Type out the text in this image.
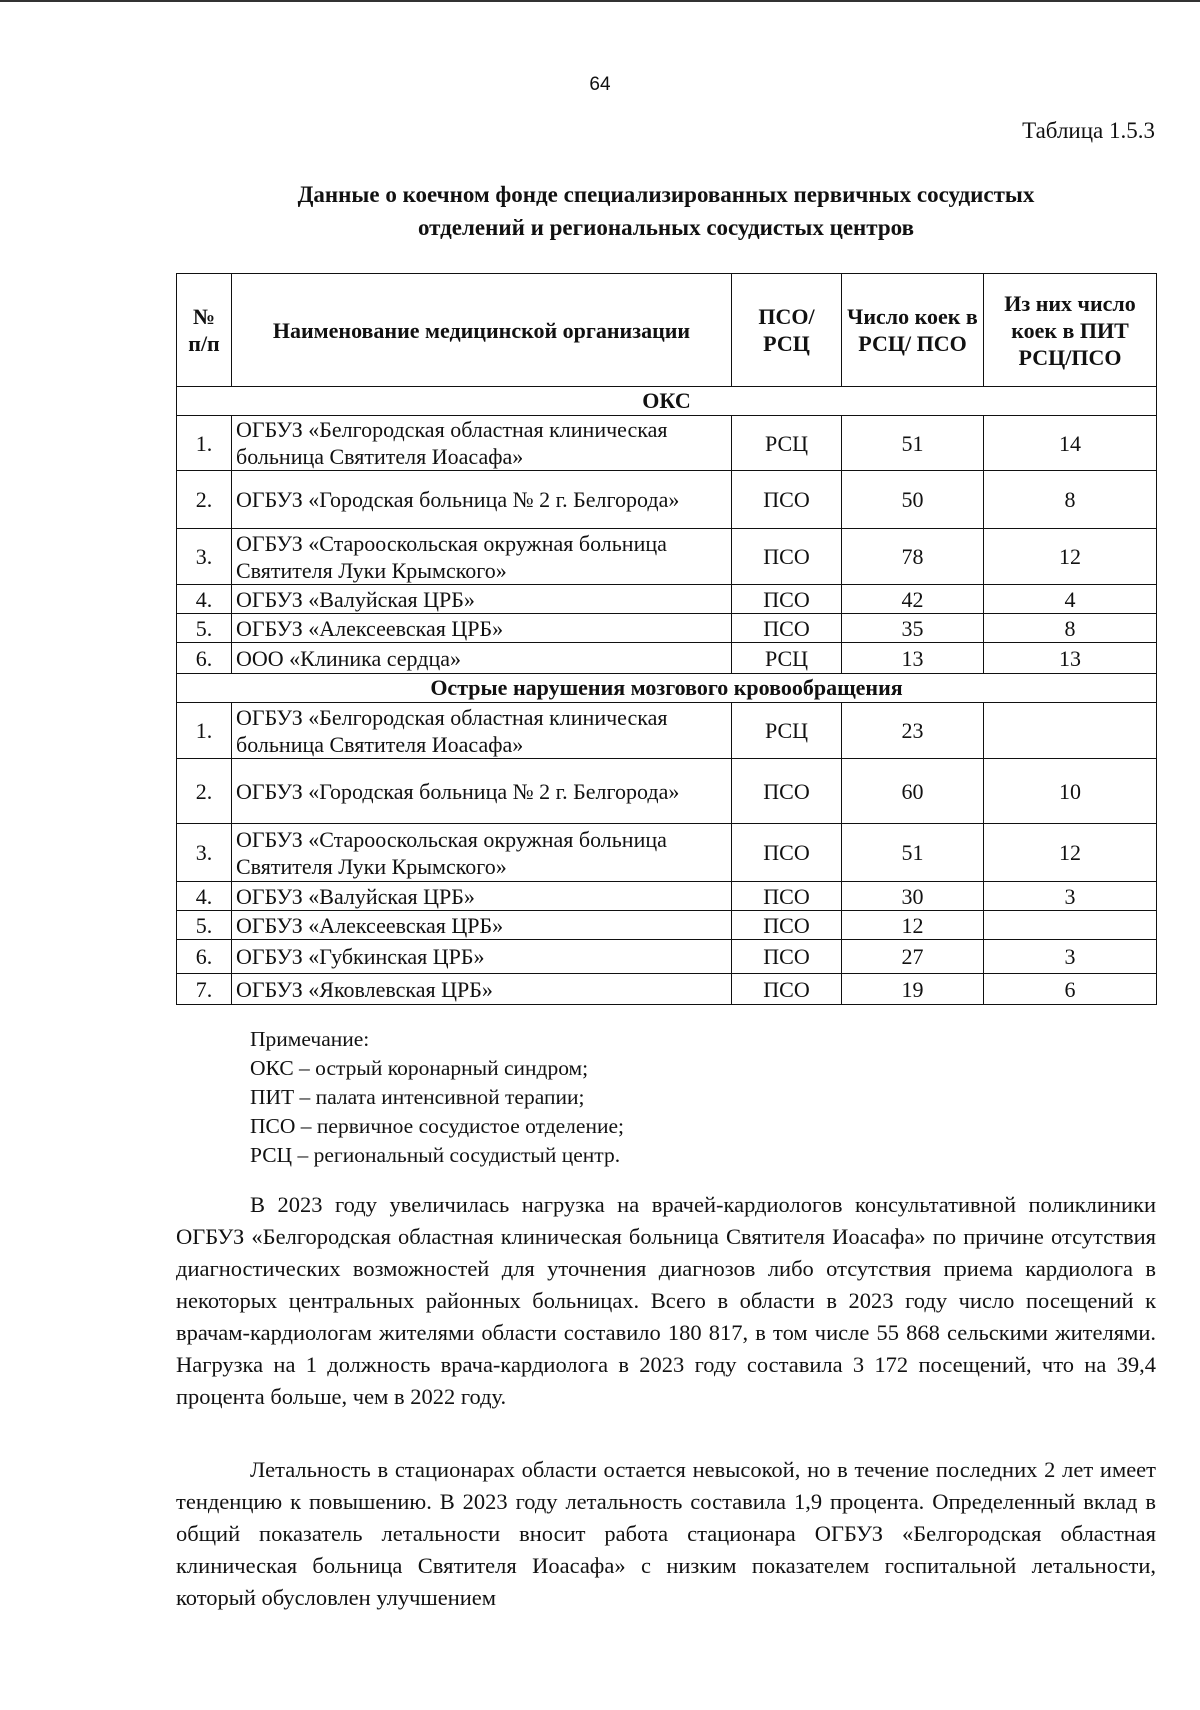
64
Таблица 1.5.3
Данные о коечном фонде специализированных первичных сосудистых
отделений и региональных сосудистых центров
№ п/п	Наименование медицинской организации	ПСО/ РСЦ	Число коек в РСЦ/ ПСО	Из них число коек в ПИТ РСЦ/ПСО
ОКС				
1.	ОГБУЗ «Белгородская областная клиническая больница Святителя Иоасафа»	РСЦ	51	14
2.	ОГБУЗ «Городская больница № 2 г. Белгорода»	ПСО	50	8
3.	ОГБУЗ «Старооскольская окружная больница Святителя Луки Крымского»	ПСО	78	12
4.	ОГБУЗ «Валуйская ЦРБ»	ПСО	42	4
5.	ОГБУЗ «Алексеевская ЦРБ»	ПСО	35	8
6.	ООО «Клиника сердца»	РСЦ	13	13
Острые нарушения мозгового кровообращения				
1.	ОГБУЗ «Белгородская областная клиническая больница Святителя Иоасафа»	РСЦ	23	
2.	ОГБУЗ «Городская больница № 2 г. Белгорода»	ПСО	60	10
3.	ОГБУЗ «Старооскольская окружная больница Святителя Луки Крымского»	ПСО	51	12
4.	ОГБУЗ «Валуйская ЦРБ»	ПСО	30	3
5.	ОГБУЗ «Алексеевская ЦРБ»	ПСО	12	
6.	ОГБУЗ «Губкинская ЦРБ»	ПСО	27	3
7.	ОГБУЗ «Яковлевская ЦРБ»	ПСО	19	6
Примечание:
ОКС – острый коронарный синдром;
ПИТ – палата интенсивной терапии;
ПСО – первичное сосудистое отделение;
РСЦ – региональный сосудистый центр.

В 2023 году увеличилась нагрузка на врачей-кардиологов консультативной поликлиники ОГБУЗ «Белгородская областная клиническая больница Святителя Иоасафа» по причине отсутствия диагностических возможностей для уточнения диагнозов либо отсутствия приема кардиолога в некоторых центральных районных больницах. Всего в области в 2023 году число посещений к врачам-кардиологам жителями области составило 180 817, в том числе 55 868 сельскими жителями. Нагрузка на 1 должность врача-кардиолога в 2023 году составила 3 172 посещений, что на 39,4 процента больше, чем в 2022 году.

Летальность в стационарах области остается невысокой, но в течение последних 2 лет имеет тенденцию к повышению. В 2023 году летальность составила 1,9 процента. Определенный вклад в общий показатель летальности вносит работа стационара ОГБУЗ «Белгородская областная клиническая больница Святителя Иоасафа» с низким показателем госпитальной летальности, который обусловлен улучшением
